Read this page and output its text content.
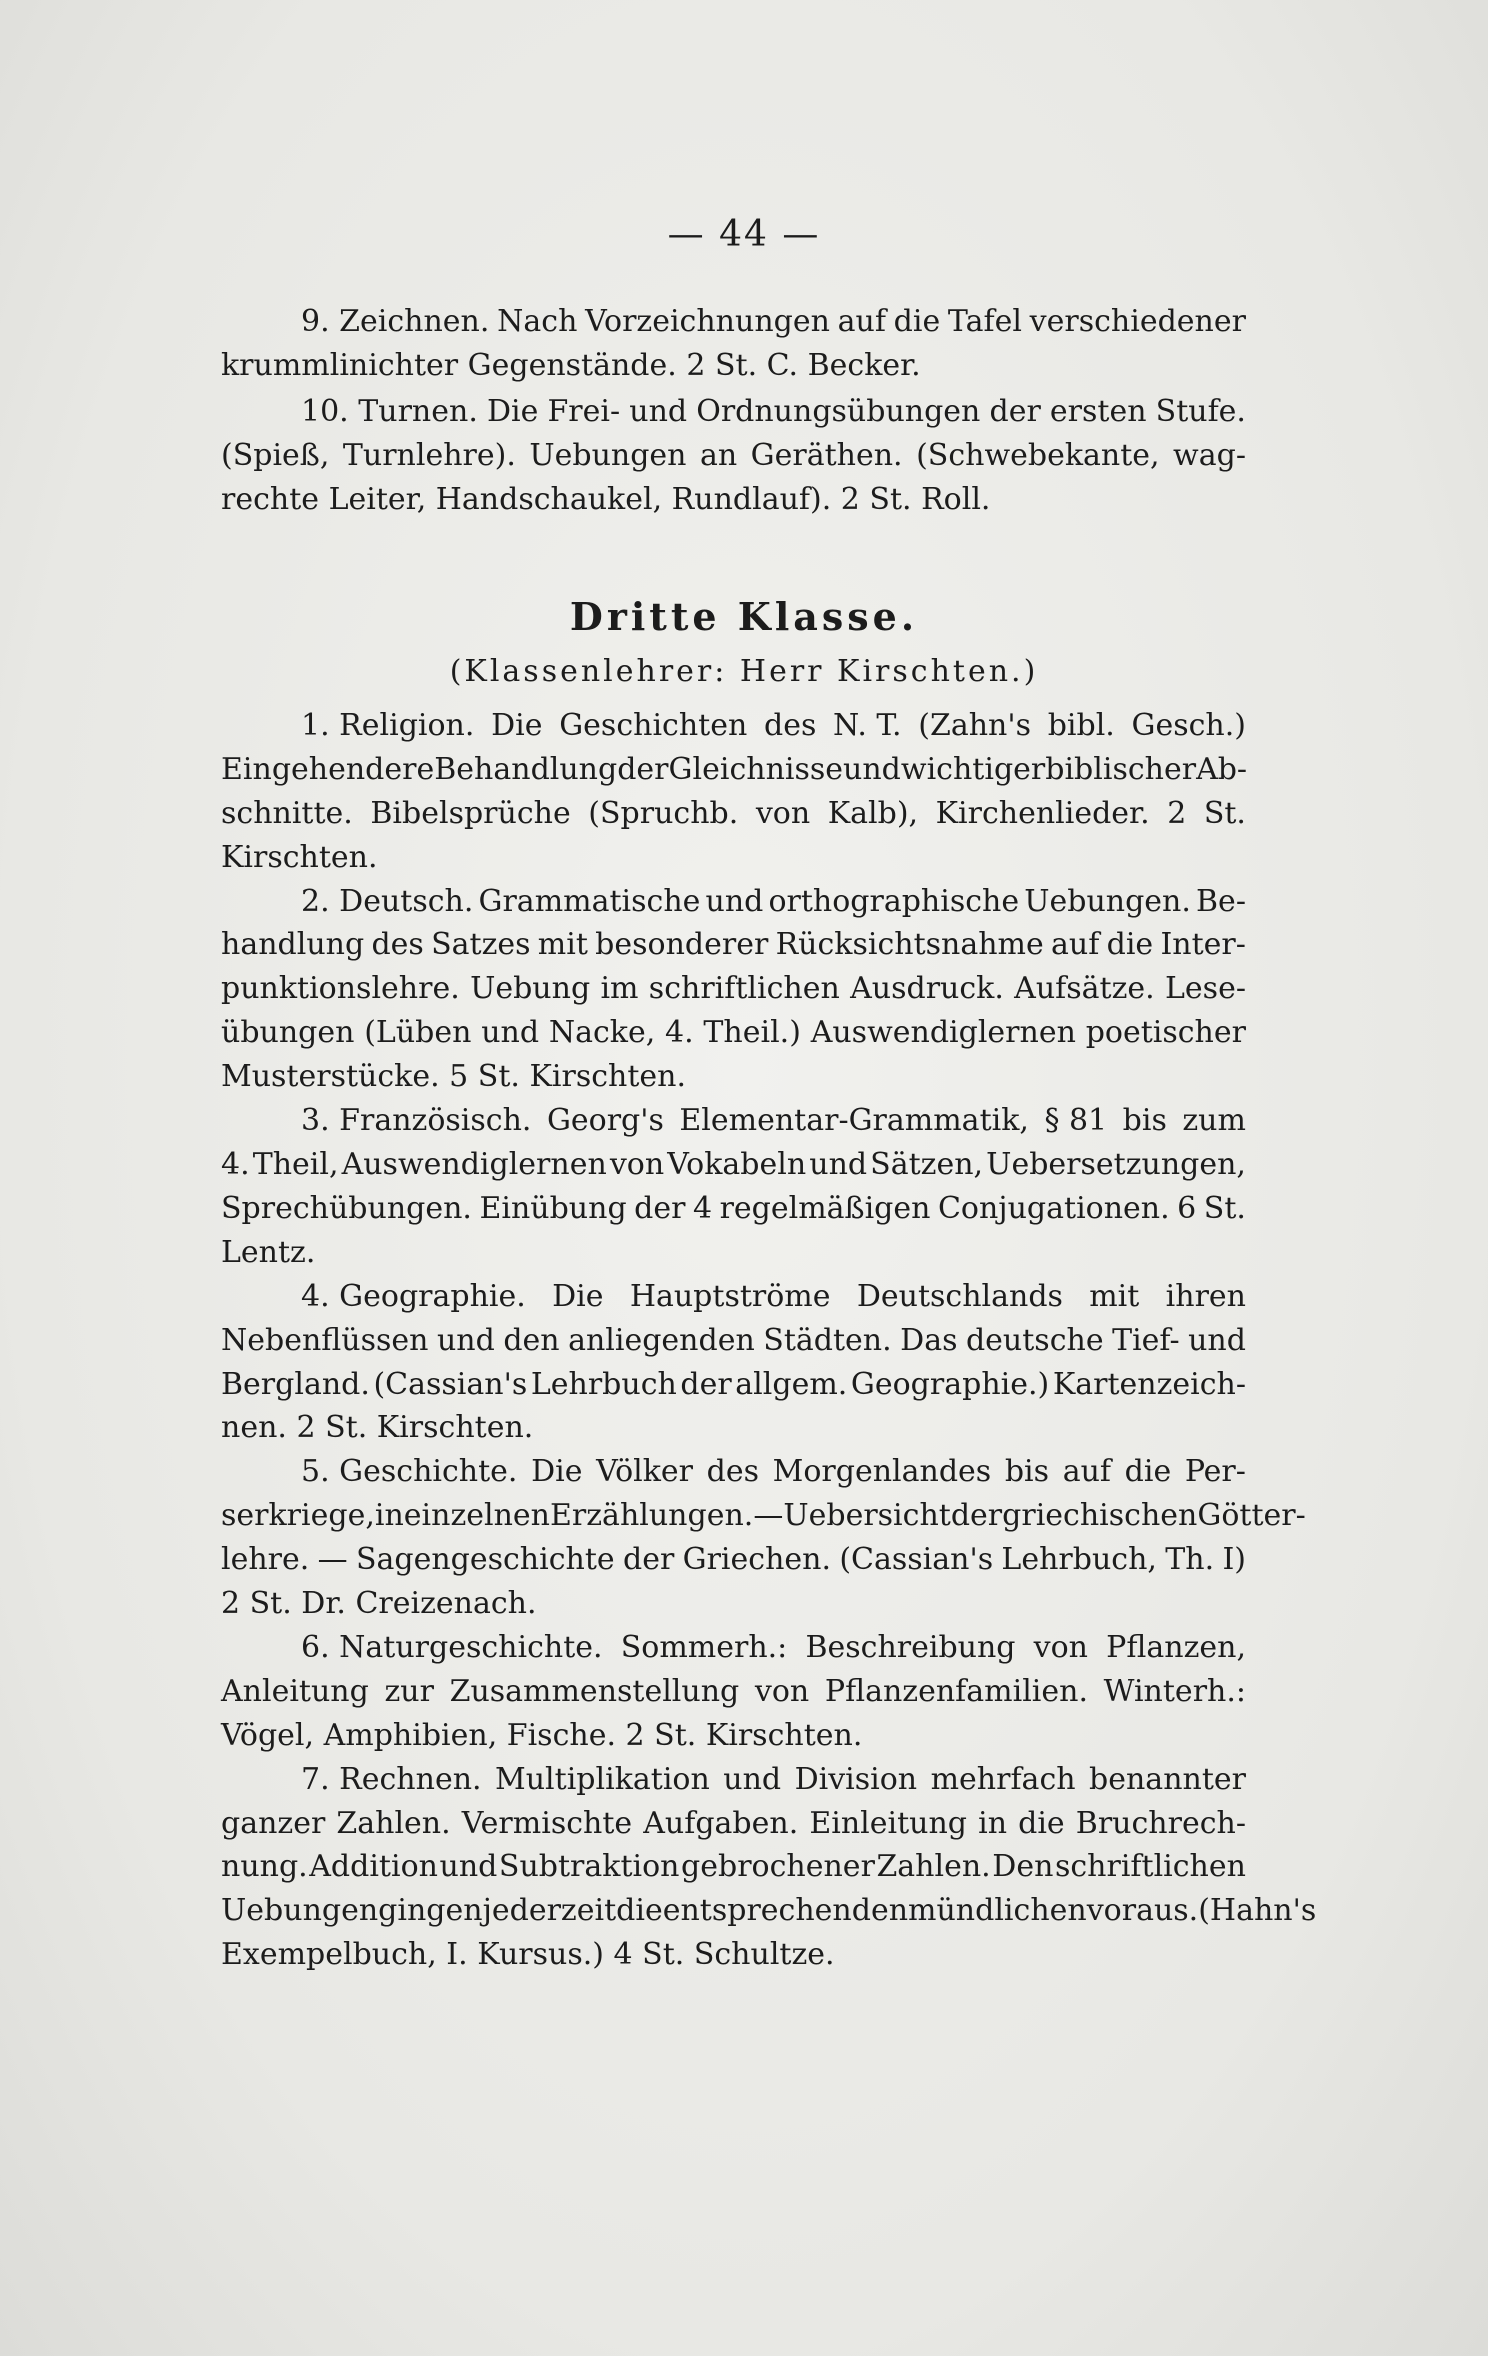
— 44 —
9. Zeichnen. Nach Vorzeichnungen auf die Tafel verschiedener
krummlinichter Gegenstände. 2 St. C. Becker.
10. Turnen. Die Frei- und Ordnungsübungen der ersten Stufe.
(Spieß, Turnlehre). Uebungen an Geräthen. (Schwebekante, wag-
rechte Leiter, Handschaukel, Rundlauf). 2 St. Roll.
Dritte Klasse.
(Klassenlehrer: Herr Kirschten.)
1. Religion. Die Geschichten des N. T. (Zahn's bibl. Gesch.)
Eingehendere Behandlung der Gleichnisse und wichtiger biblischer Ab-
schnitte. Bibelsprüche (Spruchb. von Kalb), Kirchenlieder. 2 St.
Kirschten.
2. Deutsch. Grammatische und orthographische Uebungen. Be-
handlung des Satzes mit besonderer Rücksichtsnahme auf die Inter-
punktionslehre. Uebung im schriftlichen Ausdruck. Aufsätze. Lese-
übungen (Lüben und Nacke, 4. Theil.) Auswendiglernen poetischer
Musterstücke. 5 St. Kirschten.
3. Französisch. Georg's Elementar-Grammatik, § 81 bis zum
4. Theil, Auswendiglernen von Vokabeln und Sätzen, Uebersetzungen,
Sprechübungen. Einübung der 4 regelmäßigen Conjugationen. 6 St.
Lentz.
4. Geographie. Die Hauptströme Deutschlands mit ihren
Nebenflüssen und den anliegenden Städten. Das deutsche Tief- und
Bergland. (Cassian's Lehrbuch der allgem. Geographie.) Kartenzeich-
nen. 2 St. Kirschten.
5. Geschichte. Die Völker des Morgenlandes bis auf die Per-
serkriege, in einzelnen Erzählungen. — Uebersicht der griechischen Götter-
lehre. — Sagengeschichte der Griechen. (Cassian's Lehrbuch, Th. I)
2 St. Dr. Creizenach.
6. Naturgeschichte. Sommerh.: Beschreibung von Pflanzen,
Anleitung zur Zusammenstellung von Pflanzenfamilien. Winterh.:
Vögel, Amphibien, Fische. 2 St. Kirschten.
7. Rechnen. Multiplikation und Division mehrfach benannter
ganzer Zahlen. Vermischte Aufgaben. Einleitung in die Bruchrech-
nung. Addition und Subtraktion gebrochener Zahlen. Den schriftlichen
Uebungen gingen jederzeit die entsprechenden mündlichen voraus. (Hahn's
Exempelbuch, I. Kursus.) 4 St. Schultze.
